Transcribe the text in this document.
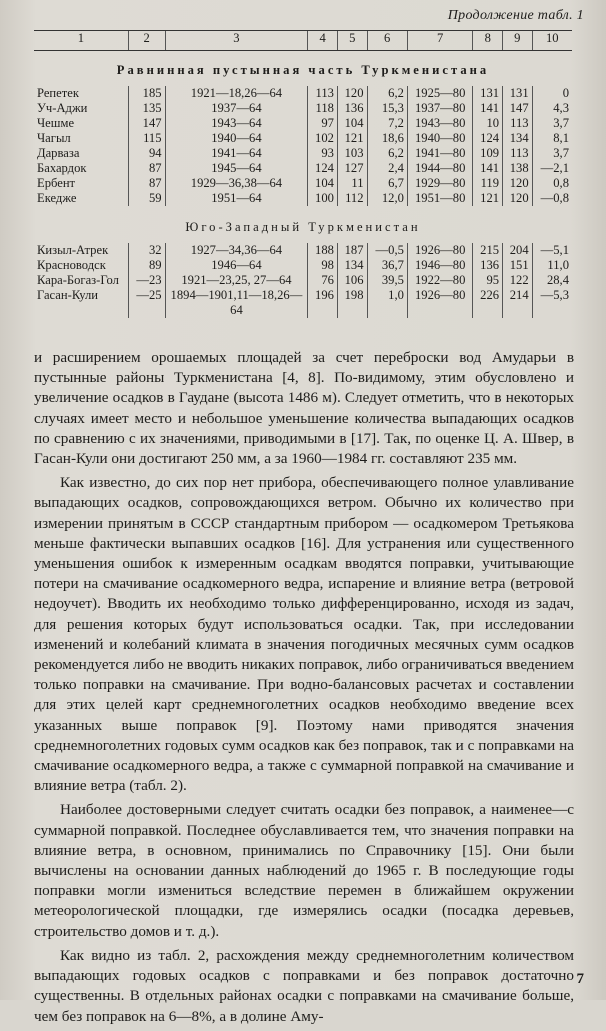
Продолжение табл. 1
1	2	3	4	5	6	7	8	9	10
Равнинная пустынная часть Туркменистана									
Репетек	185	1921—18,26—64	113	120	6,2	1925—80	131	131	0
Уч-Аджи	135	1937—64	118	136	15,3	1937—80	141	147	4,3
Чешме	147	1943—64	97	104	7,2	1943—80	10	113	3,7
Чагыл	115	1940—64	102	121	18,6	1940—80	124	134	8,1
Дарваза	94	1941—64	93	103	6,2	1941—80	109	113	3,7
Бахардок	87	1945—64	124	127	2,4	1944—80	141	138	—2,1
Ербент	87	1929—36,38—64	104	11	6,7	1929—80	119	120	0,8
Екедже	59	1951—64	100	112	12,0	1951—80	121	120	—0,8
Юго-Западный Туркменистан									
Кизыл-Атрек	32	1927—34,36—64	188	187	—0,5	1926—80	215	204	—5,1
Красноводск	89	1946—64	98	134	36,7	1946—80	136	151	11,0
Кара-Богаз-Гол	—23	1921—23,25, 27—64	76	106	39,5	1922—80	95	122	28,4
Гасан-Кули	—25	1894—1901,11—18,26—64	196	198	1,0	1926—80	226	214	—5,3

и расширением орошаемых площадей за счет переброски вод Амударьи в пустынные районы Туркменистана [4, 8]. По-видимому, этим обусловлено и увеличение осадков в Гаудане (высота 1486 м). Следует отметить, что в некоторых случаях имеет место и небольшое уменьшение количества выпадающих осадков по сравнению с их значениями, приводимыми в [17]. Так, по оценке Ц. А. Швер, в Гасан-Кули они достигают 250 мм, а за 1960—1984 гг. составляют 235 мм.

Как известно, до сих пор нет прибора, обеспечивающего полное улавливание выпадающих осадков, сопровождающихся ветром. Обычно их количество при измерении принятым в СССР стандартным прибором — осадкомером Третьякова меньше фактически выпавших осадков [16]. Для устранения или существенного уменьшения ошибок к измеренным осадкам вводятся поправки, учитывающие потери на смачивание осадкомерного ведра, испарение и влияние ветра (ветровой недоучет). Вводить их необходимо только дифференцированно, исходя из задач, для решения которых будут использоваться осадки. Так, при исследовании изменений и колебаний климата в значения погодичных месячных сумм осадков рекомендуется либо не вводить никаких поправок, либо ограничиваться введением только поправки на смачивание. При водно-балансовых расчетах и составлении для этих целей карт среднемноголетних осадков необходимо введение всех указанных выше поправок [9]. Поэтому нами приводятся значения среднемноголетних годовых сумм осадков как без поправок, так и с поправками на смачивание осадкомерного ведра, а также с суммарной поправкой на смачивание и влияние ветра (табл. 2).

Наиболее достоверными следует считать осадки без поправок, а наименее—с суммарной поправкой. Последнее обуславливается тем, что значения поправки на влияние ветра, в основном, принимались по Справочнику [15]. Они были вычислены на основании данных наблюдений до 1965 г. В последующие годы поправки могли измениться вследствие перемен в ближайшем окружении метеорологической площадки, где измерялись осадки (посадка деревьев, строительство домов и т. д.).

Как видно из табл. 2, расхождения между среднемноголетним количеством выпадающих годовых осадков с поправками и без поправок достаточно существенны. В отдельных районах осадки с поправками на смачивание больше, чем без поправок на 6—8%, а в долине Аму-

7
